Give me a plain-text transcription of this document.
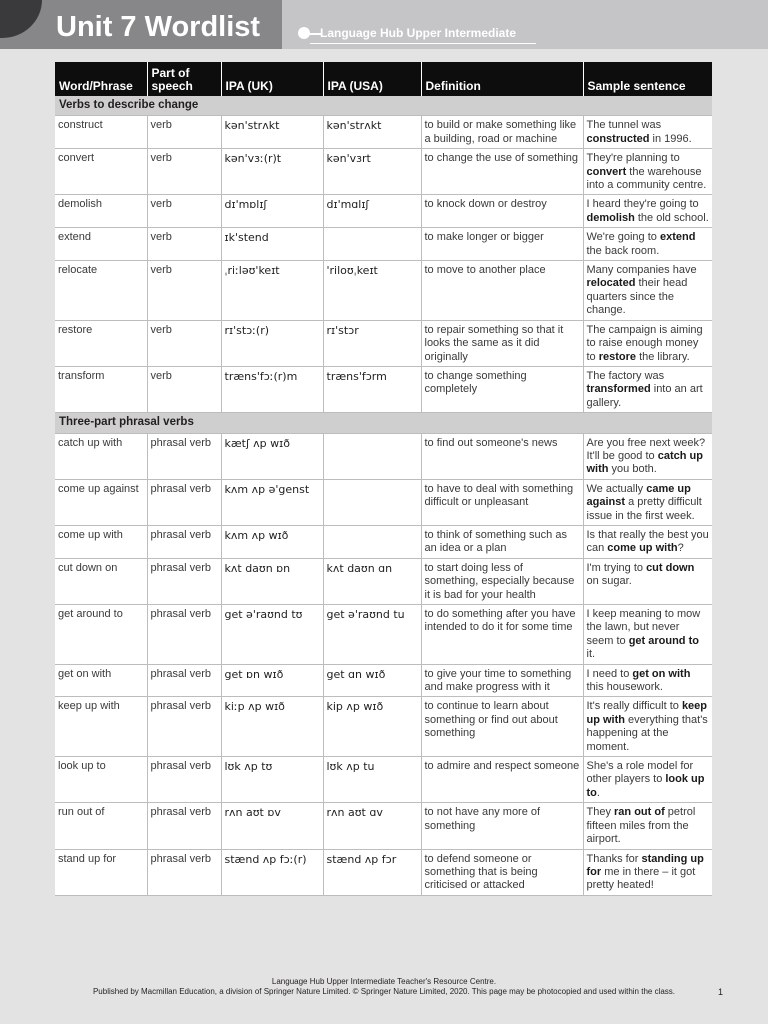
Unit 7 Wordlist	Language Hub Upper Intermediate
Word/Phrase	Part of speech	IPA (UK)	IPA (USA)	Definition	Sample sentence
Verbs to describe change					
construct	verb	kən'strʌkt	kən'strʌkt	to build or make something like a building, road or machine	The tunnel was constructed in 1996.
convert	verb	kən'vɜː(r)t	kən'vɜrt	to change the use of something	They're planning to convert the warehouse into a community centre.
demolish	verb	dɪ'mɒlɪʃ	dɪ'mɑlɪʃ	to knock down or destroy	I heard they're going to demolish the old school.
extend	verb	ɪk'stend		to make longer or bigger	We're going to extend the back room.
relocate	verb	ˌriːləʊ'keɪt	'riloʊˌkeɪt	to move to another place	Many companies have relocated their head quarters since the change.
restore	verb	rɪ'stɔː(r)	rɪ'stɔr	to repair something so that it looks the same as it did originally	The campaign is aiming to raise enough money to restore the library.
transform	verb	træns'fɔː(r)m	træns'fɔrm	to change something completely	The factory was transformed into an art gallery.
Three-part phrasal verbs					
catch up with	phrasal verb	kætʃ ʌp wɪð		to find out someone's news	Are you free next week? It'll be good to catch up with you both.
come up against	phrasal verb	kʌm ʌp ə'genst		to have to deal with something difficult or unpleasant	We actually came up against a pretty difficult issue in the first week.
come up with	phrasal verb	kʌm ʌp wɪð		to think of something such as an idea or a plan	Is that really the best you can come up with?
cut down on	phrasal verb	kʌt daʊn ɒn	kʌt daʊn ɑn	to start doing less of something, especially because it is bad for your health	I'm trying to cut down on sugar.
get around to	phrasal verb	get ə'raʊnd tʊ	get ə'raʊnd tu	to do something after you have intended to do it for some time	I keep meaning to mow the lawn, but never seem to get around to it.
get on with	phrasal verb	get ɒn wɪð	get ɑn wɪð	to give your time to something and make progress with it	I need to get on with this housework.
keep up with	phrasal verb	kiːp ʌp wɪð	kip ʌp wɪð	to continue to learn about something or find out about something	It's really difficult to keep up with everything that's happening at the moment.
look up to	phrasal verb	lʊk ʌp tʊ	lʊk ʌp tu	to admire and respect someone	She's a role model for other players to look up to.
run out of	phrasal verb	rʌn aʊt ɒv	rʌn aʊt ɑv	to not have any more of something	They ran out of petrol fifteen miles from the airport.
stand up for	phrasal verb	stænd ʌp fɔː(r)	stænd ʌp fɔr	to defend someone or something that is being criticised or attacked	Thanks for standing up for me in there – it got pretty heated!
Language Hub Upper Intermediate Teacher's Resource Centre.
Published by Macmillan Education, a division of Springer Nature Limited. © Springer Nature Limited, 2020. This page may be photocopied and used within the class.	1
